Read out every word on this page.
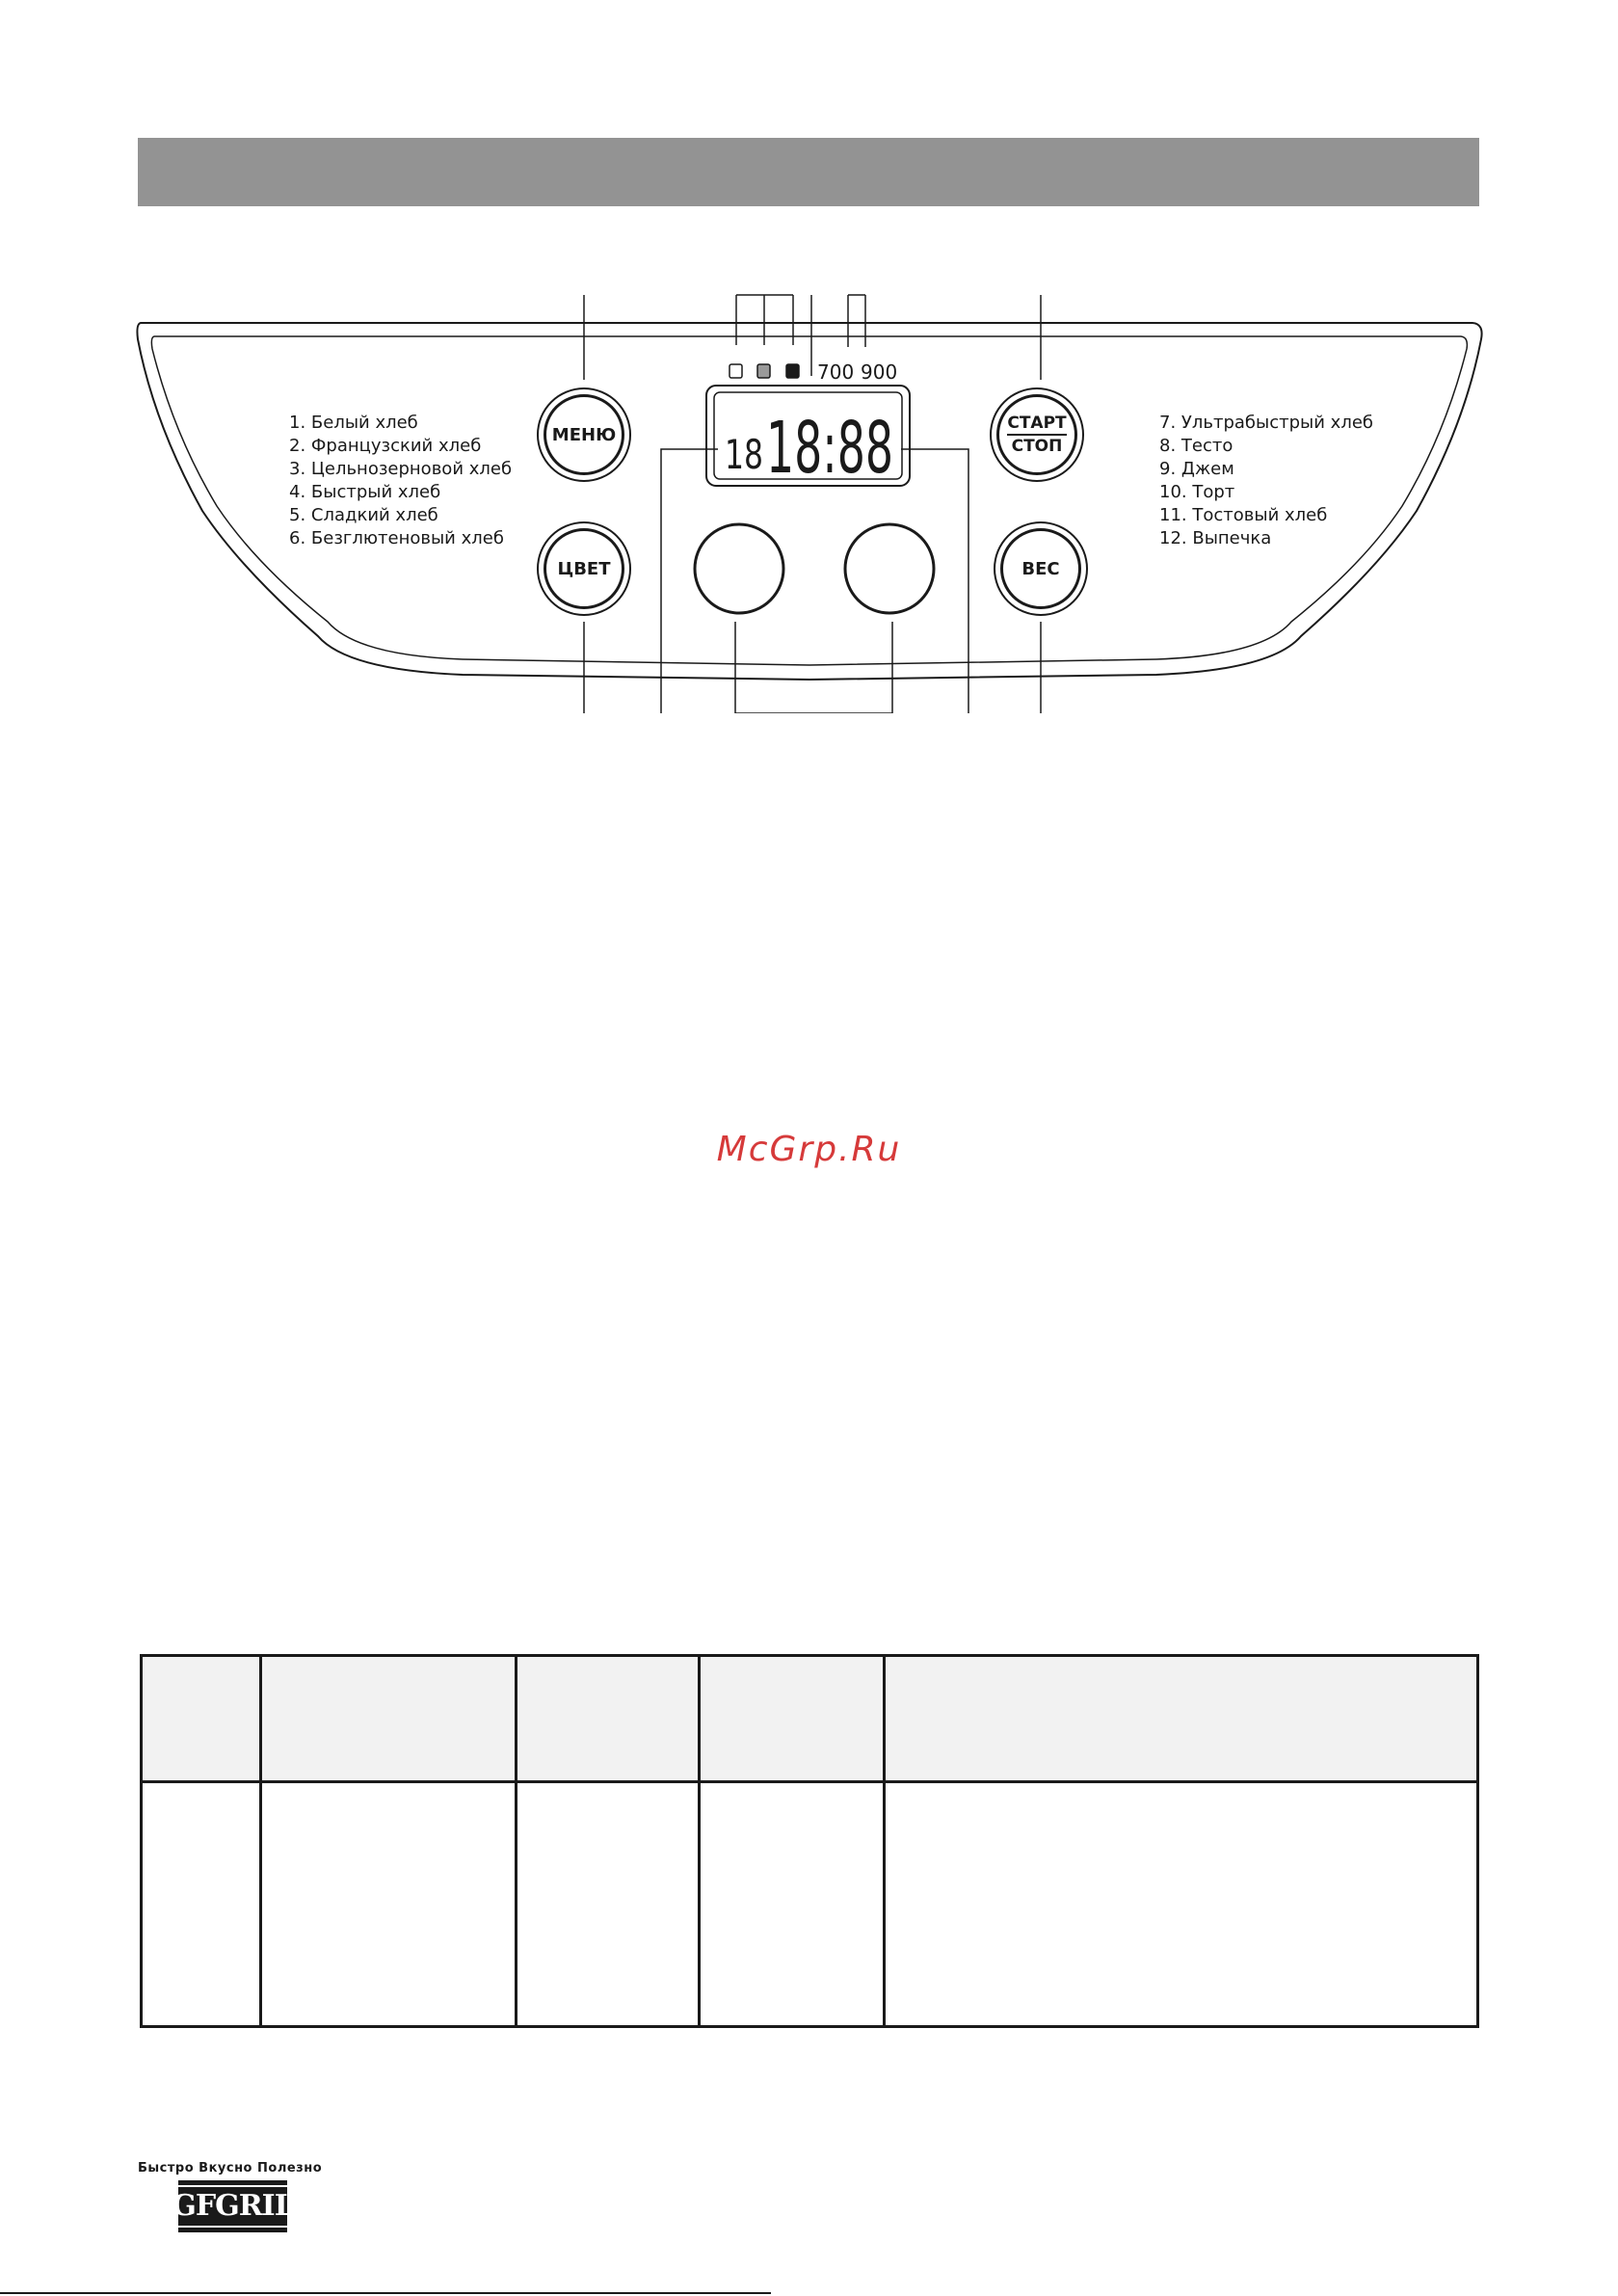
700 900
18 18:88
1. Белый хлеб
2. Французский хлеб
3. Цельнозерновой хлеб
4. Быстрый хлеб
5. Сладкий хлеб
6. Безглютеновый хлеб
7. Ультрабыстрый хлеб
8. Тесто
9. Джем
10. Торт
11. Тостовый хлеб
12. Выпечка
МЕНЮ
ЦВЕТ
СТАРТ
СТОП
ВЕС
McGrp.Ru

Быстро Вкусно Полезно
GFGRIL
